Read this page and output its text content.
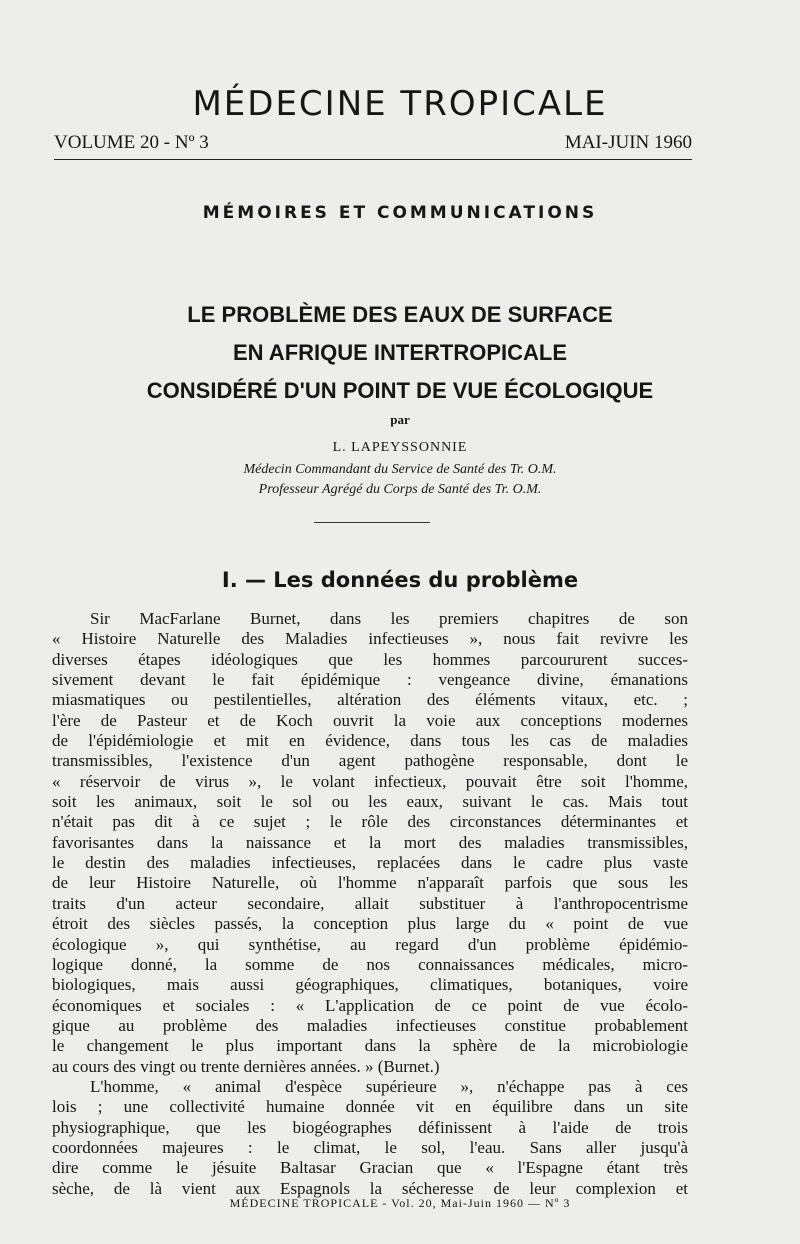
MÉDECINE TROPICALE
VOLUME 20 - Nº 3	MAI-JUIN 1960
MÉMOIRES ET COMMUNICATIONS
LE PROBLÈME DES EAUX DE SURFACE
EN AFRIQUE INTERTROPICALE
CONSIDÉRÉ D'UN POINT DE VUE ÉCOLOGIQUE
par
L. LAPEYSSONNIE
Médecin Commandant du Service de Santé des Tr. O.M.
Professeur Agrégé du Corps de Santé des Tr. O.M.
I. — Les données du problème

Sir MacFarlane Burnet, dans les premiers chapitres de son

« Histoire Naturelle des Maladies infectieuses », nous fait revivre les

diverses étapes idéologiques que les hommes parcoururent succes-

sivement devant le fait épidémique : vengeance divine, émanations

miasmatiques ou pestilentielles, altération des éléments vitaux, etc. ;

l'ère de Pasteur et de Koch ouvrit la voie aux conceptions modernes

de l'épidémiologie et mit en évidence, dans tous les cas de maladies

transmissibles, l'existence d'un agent pathogène responsable, dont le

« réservoir de virus », le volant infectieux, pouvait être soit l'homme,

soit les animaux, soit le sol ou les eaux, suivant le cas. Mais tout

n'était pas dit à ce sujet ; le rôle des circonstances déterminantes et

favorisantes dans la naissance et la mort des maladies transmissibles,

le destin des maladies infectieuses, replacées dans le cadre plus vaste

de leur Histoire Naturelle, où l'homme n'apparaît parfois que sous les

traits d'un acteur secondaire, allait substituer à l'anthropocentrisme

étroit des siècles passés, la conception plus large du « point de vue

écologique », qui synthétise, au regard d'un problème épidémio-

logique donné, la somme de nos connaissances médicales, micro-

biologiques, mais aussi géographiques, climatiques, botaniques, voire

économiques et sociales : « L'application de ce point de vue écolo-

gique au problème des maladies infectieuses constitue probablement

le changement le plus important dans la sphère de la microbiologie

au cours des vingt ou trente dernières années. » (Burnet.)

L'homme, « animal d'espèce supérieure », n'échappe pas à ces

lois ; une collectivité humaine donnée vit en équilibre dans un site

physiographique, que les biogéographes définissent à l'aide de trois

coordonnées majeures : le climat, le sol, l'eau. Sans aller jusqu'à

dire comme le jésuite Baltasar Gracian que « l'Espagne étant très

sèche, de là vient aux Espagnols la sécheresse de leur complexion et

MÉDECINE TROPICALE - Vol. 20, Mai-Juin 1960 — Nº 3
